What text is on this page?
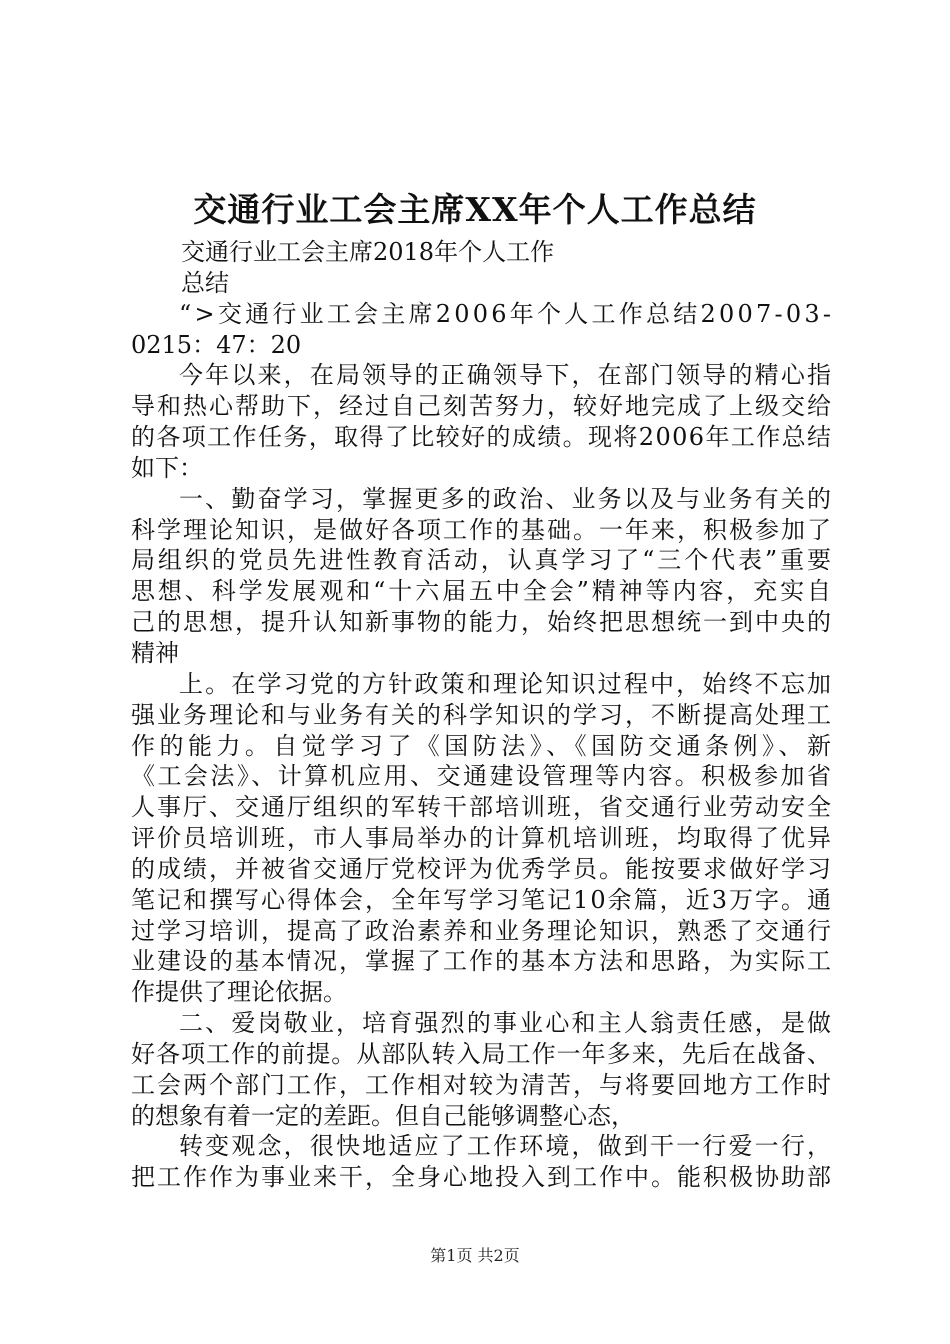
交通行业工会主席XX年个人工作总结
交通行业工会主席2018年个人工作
总结
“>交通行业工会主席2006年个人工作总结2007-03-
0215：47：20
今年以来，在局领导的正确领导下，在部门领导的精心指
导和热心帮助下，经过自己刻苦努力，较好地完成了上级交给
的各项工作任务，取得了比较好的成绩。现将2006年工作总结
如下：
一、勤奋学习，掌握更多的政治、业务以及与业务有关的
科学理论知识，是做好各项工作的基础。一年来，积极参加了
局组织的党员先进性教育活动，认真学习了“三个代表”重要
思想、科学发展观和“十六届五中全会”精神等内容，充实自
己的思想，提升认知新事物的能力，始终把思想统一到中央的
精神
上。在学习党的方针政策和理论知识过程中，始终不忘加
强业务理论和与业务有关的科学知识的学习，不断提高处理工
作的能力。自觉学习了《国防法》、《国防交通条例》、新
《工会法》、计算机应用、交通建设管理等内容。积极参加省
人事厅、交通厅组织的军转干部培训班，省交通行业劳动安全
评价员培训班，市人事局举办的计算机培训班，均取得了优异
的成绩，并被省交通厅党校评为优秀学员。能按要求做好学习
笔记和撰写心得体会，全年写学习笔记10余篇，近3万字。通
过学习培训，提高了政治素养和业务理论知识，熟悉了交通行
业建设的基本情况，掌握了工作的基本方法和思路，为实际工
作提供了理论依据。
二、爱岗敬业，培育强烈的事业心和主人翁责任感，是做
好各项工作的前提。从部队转入局工作一年多来，先后在战备、
工会两个部门工作，工作相对较为清苦，与将要回地方工作时
的想象有着一定的差距。但自己能够调整心态，
转变观念，很快地适应了工作环境，做到干一行爱一行，
把工作作为事业来干，全身心地投入到工作中。能积极协助部
第1页 共2页
